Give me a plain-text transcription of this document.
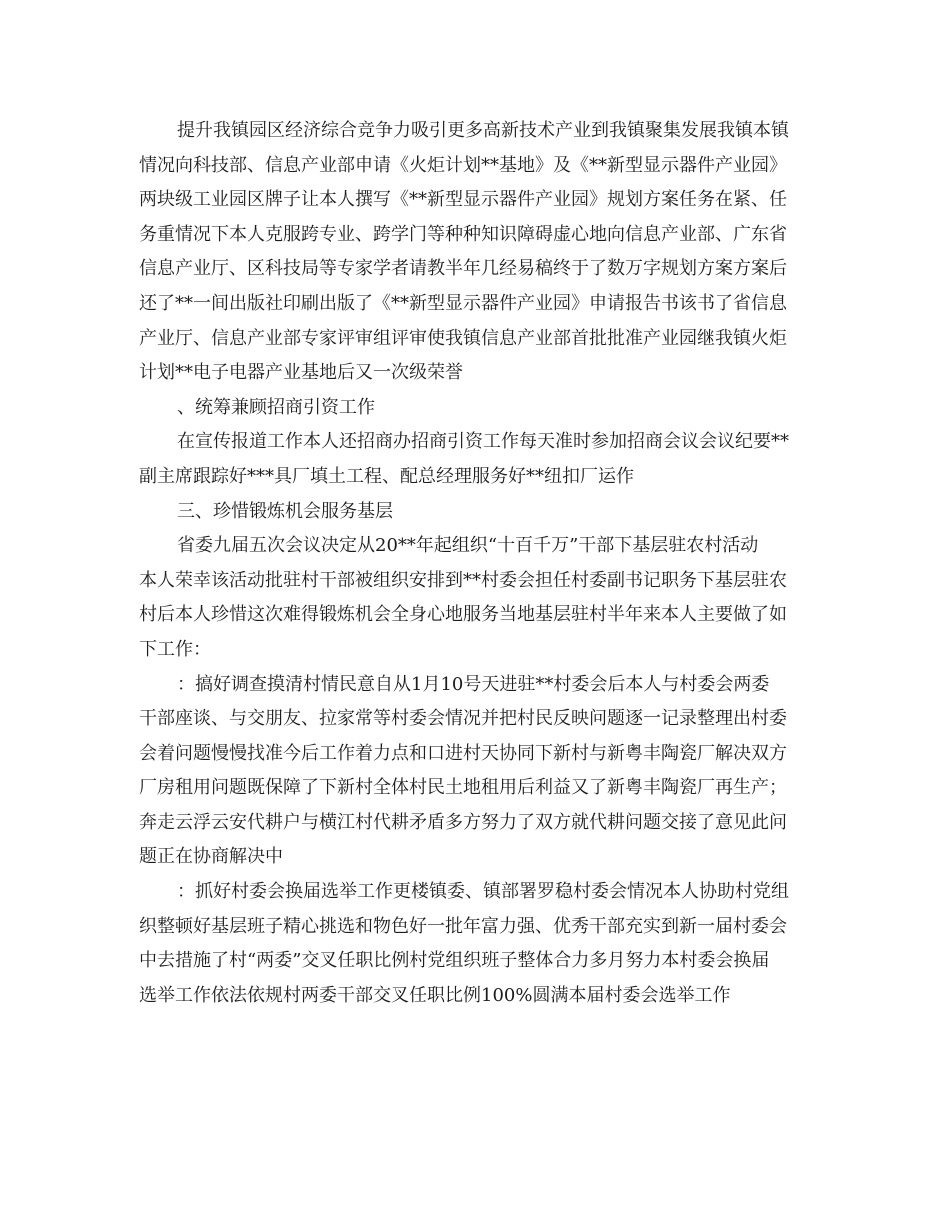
提升我镇园区经济综合竞争力吸引更多高新技术产业到我镇聚集发展我镇本镇
情况向科技部、信息产业部申请《火炬计划**基地》及《**新型显示器件产业园》
两块级工业园区牌子让本人撰写《**新型显示器件产业园》规划方案任务在紧、任
务重情况下本人克服跨专业、跨学门等种种知识障碍虚心地向信息产业部、广东省
信息产业厅、区科技局等专家学者请教半年几经易稿终于了数万字规划方案方案后
还了**一间出版社印刷出版了《**新型显示器件产业园》申请报告书该书了省信息
产业厅、信息产业部专家评审组评审使我镇信息产业部首批批准产业园继我镇火炬
计划**电子电器产业基地后又一次级荣誉
、统筹兼顾招商引资工作
在宣传报道工作本人还招商办招商引资工作每天准时参加招商会议会议纪要**
副主席跟踪好***具厂填土工程、配总经理服务好**纽扣厂运作
三、珍惜锻炼机会服务基层
省委九届五次会议决定从20**年起组织“十百千万”干部下基层驻农村活动
本人荣幸该活动批驻村干部被组织安排到**村委会担任村委副书记职务下基层驻农
村后本人珍惜这次难得锻炼机会全身心地服务当地基层驻村半年来本人主要做了如
下工作：
：搞好调查摸清村情民意自从1月10号天进驻**村委会后本人与村委会两委
干部座谈、与交朋友、拉家常等村委会情况并把村民反映问题逐一记录整理出村委
会着问题慢慢找准今后工作着力点和口进村天协同下新村与新粤丰陶瓷厂解决双方
厂房租用问题既保障了下新村全体村民土地租用后利益又了新粤丰陶瓷厂再生产；
奔走云浮云安代耕户与横江村代耕矛盾多方努力了双方就代耕问题交接了意见此问
题正在协商解决中
：抓好村委会换届选举工作更楼镇委、镇部署罗稳村委会情况本人协助村党组
织整顿好基层班子精心挑选和物色好一批年富力强、优秀干部充实到新一届村委会
中去措施了村“两委”交叉任职比例村党组织班子整体合力多月努力本村委会换届
选举工作依法依规村两委干部交叉任职比例100%圆满本届村委会选举工作
